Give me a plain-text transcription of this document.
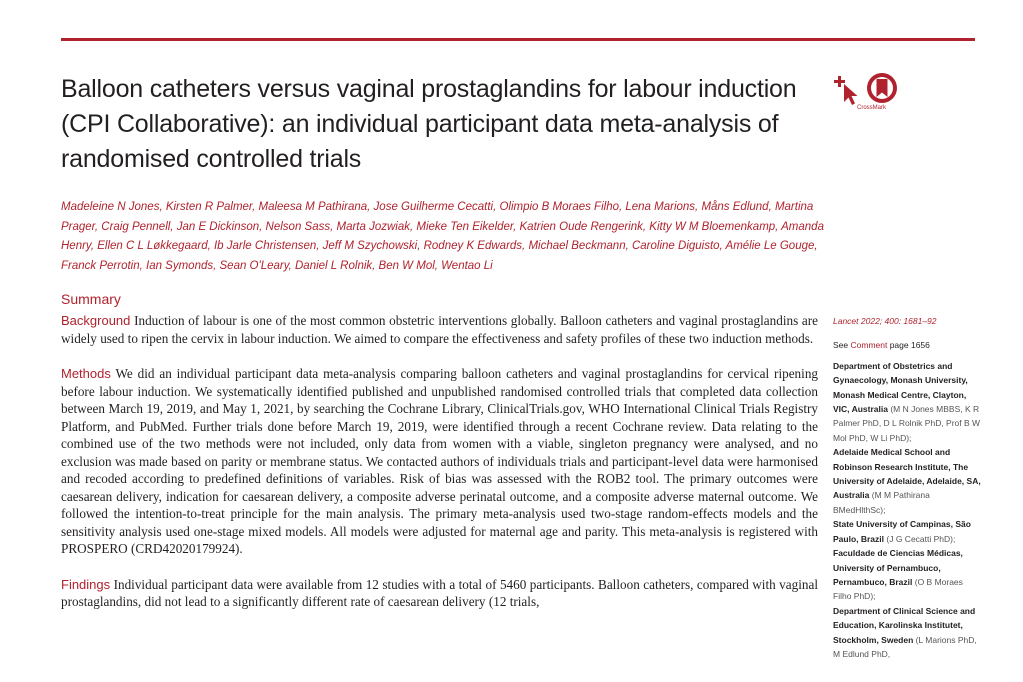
Balloon catheters versus vaginal prostaglandins for labour induction (CPI Collaborative): an individual participant data meta-analysis of randomised controlled trials
CrossMark

Madeleine N Jones, Kirsten R Palmer, Maleesa M Pathirana, Jose Guilherme Cecatti, Olimpio B Moraes Filho, Lena Marions, Måns Edlund, Martina Prager, Craig Pennell, Jan E Dickinson, Nelson Sass, Marta Jozwiak, Mieke Ten Eikelder, Katrien Oude Rengerink, Kitty W M Bloemenkamp, Amanda Henry, Ellen C L Løkkegaard, Ib Jarle Christensen, Jeff M Szychowski, Rodney K Edwards, Michael Beckmann, Caroline Diguisto, Amélie Le Gouge, Franck Perrotin, Ian Symonds, Sean O'Leary, Daniel L Rolnik, Ben W Mol, Wentao Li

Summary

Background Induction of labour is one of the most common obstetric interventions globally. Balloon catheters and vaginal prostaglandins are widely used to ripen the cervix in labour induction. We aimed to compare the effectiveness and safety profiles of these two induction methods.

Methods We did an individual participant data meta-analysis comparing balloon catheters and vaginal prostaglandins for cervical ripening before labour induction. We systematically identified published and unpublished randomised controlled trials that completed data collection between March 19, 2019, and May 1, 2021, by searching the Cochrane Library, ClinicalTrials.gov, WHO International Clinical Trials Registry Platform, and PubMed. Further trials done before March 19, 2019, were identified through a recent Cochrane review. Data relating to the combined use of the two methods were not included, only data from women with a viable, singleton pregnancy were analysed, and no exclusion was made based on parity or membrane status. We contacted authors of individuals trials and participant-level data were harmonised and recoded according to predefined definitions of variables. Risk of bias was assessed with the ROB2 tool. The primary outcomes were caesarean delivery, indication for caesarean delivery, a composite adverse perinatal outcome, and a composite adverse maternal outcome. We followed the intention-to-treat principle for the main analysis. The primary meta-analysis used two-stage random-effects models and the sensitivity analysis used one-stage mixed models. All models were adjusted for maternal age and parity. This meta-analysis is registered with PROSPERO (CRD42020179924).

Findings Individual participant data were available from 12 studies with a total of 5460 participants. Balloon catheters, compared with vaginal prostaglandins, did not lead to a significantly different rate of caesarean delivery (12 trials,

Lancet 2022; 400: 1681–92

See Comment page 1656

Department of Obstetrics and Gynaecology, Monash University, Monash Medical Centre, Clayton, VIC, Australia (M N Jones MBBS, K R Palmer PhD, D L Rolnik PhD, Prof B W Mol PhD, W Li PhD);

Adelaide Medical School and Robinson Research Institute, The University of Adelaide, Adelaide, SA, Australia (M M Pathirana BMedHlthSc);

State University of Campinas, São Paulo, Brazil (J G Cecatti PhD);

Faculdade de Ciencias Médicas, University of Pernambuco, Pernambuco, Brazil (O B Moraes Filho PhD);

Department of Clinical Science and Education, Karolinska Institutet, Stockholm, Sweden (L Marions PhD, M Edlund PhD,
